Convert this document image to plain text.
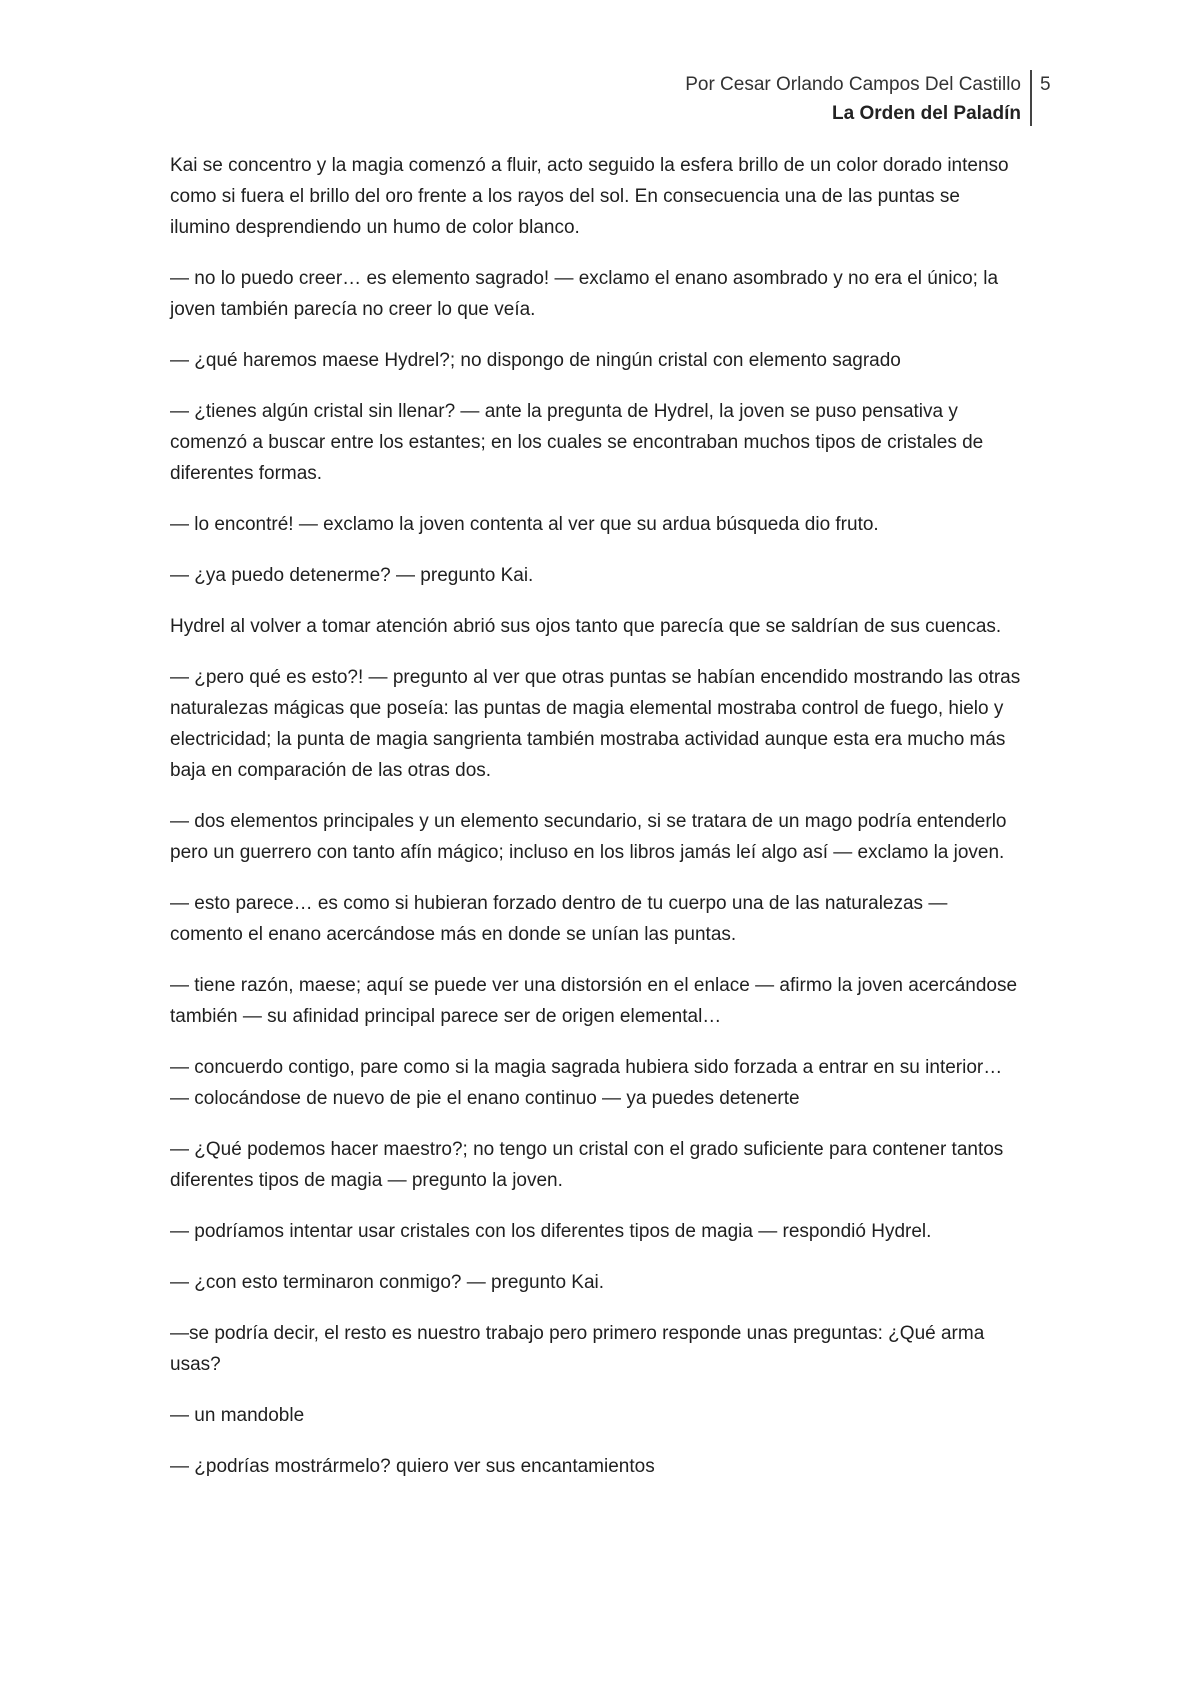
Por Cesar Orlando Campos Del Castillo
La Orden del Paladín
5

Kai se concentro y la magia comenzó a fluir, acto seguido la esfera brillo de un color dorado intenso como si fuera el brillo del oro frente a los rayos del sol. En consecuencia una de las puntas se ilumino desprendiendo un humo de color blanco.

— no lo puedo creer… es elemento sagrado! — exclamo el enano asombrado y no era el único; la joven también parecía no creer lo que veía.

— ¿qué haremos maese Hydrel?; no dispongo de ningún cristal con elemento sagrado

— ¿tienes algún cristal sin llenar? — ante la pregunta de Hydrel, la joven se puso pensativa y comenzó a buscar entre los estantes; en los cuales se encontraban muchos tipos de cristales de diferentes formas.

— lo encontré! — exclamo la joven contenta al ver que su ardua búsqueda dio fruto.

— ¿ya puedo detenerme? — pregunto Kai.

Hydrel al volver a tomar atención abrió sus ojos tanto que parecía que se saldrían de sus cuencas.

— ¿pero qué es esto?! — pregunto al ver que otras puntas se habían encendido mostrando las otras naturalezas mágicas que poseía: las puntas de magia elemental mostraba control de fuego, hielo y electricidad; la punta de magia sangrienta también mostraba actividad aunque esta era mucho más baja en comparación de las otras dos.

— dos elementos principales y un elemento secundario, si se tratara de un mago podría entenderlo pero un guerrero con tanto afín mágico; incluso en los libros jamás leí algo así — exclamo la joven.

— esto parece… es como si hubieran forzado dentro de tu cuerpo una de las naturalezas — comento el enano acercándose más en donde se unían las puntas.

— tiene razón, maese; aquí se puede ver una distorsión en el enlace — afirmo la joven acercándose también — su afinidad principal parece ser de origen elemental…

— concuerdo contigo, pare como si la magia sagrada hubiera sido forzada a entrar en su interior… — colocándose de nuevo de pie el enano continuo — ya puedes detenerte

— ¿Qué podemos hacer maestro?; no tengo un cristal con el grado suficiente para contener tantos diferentes tipos de magia — pregunto la joven.

— podríamos intentar usar cristales con los diferentes tipos de magia — respondió Hydrel.

— ¿con esto terminaron conmigo? — pregunto Kai.

—se podría decir, el resto es nuestro trabajo pero primero responde unas preguntas: ¿Qué arma usas?

— un mandoble

— ¿podrías mostrármelo? quiero ver sus encantamientos
